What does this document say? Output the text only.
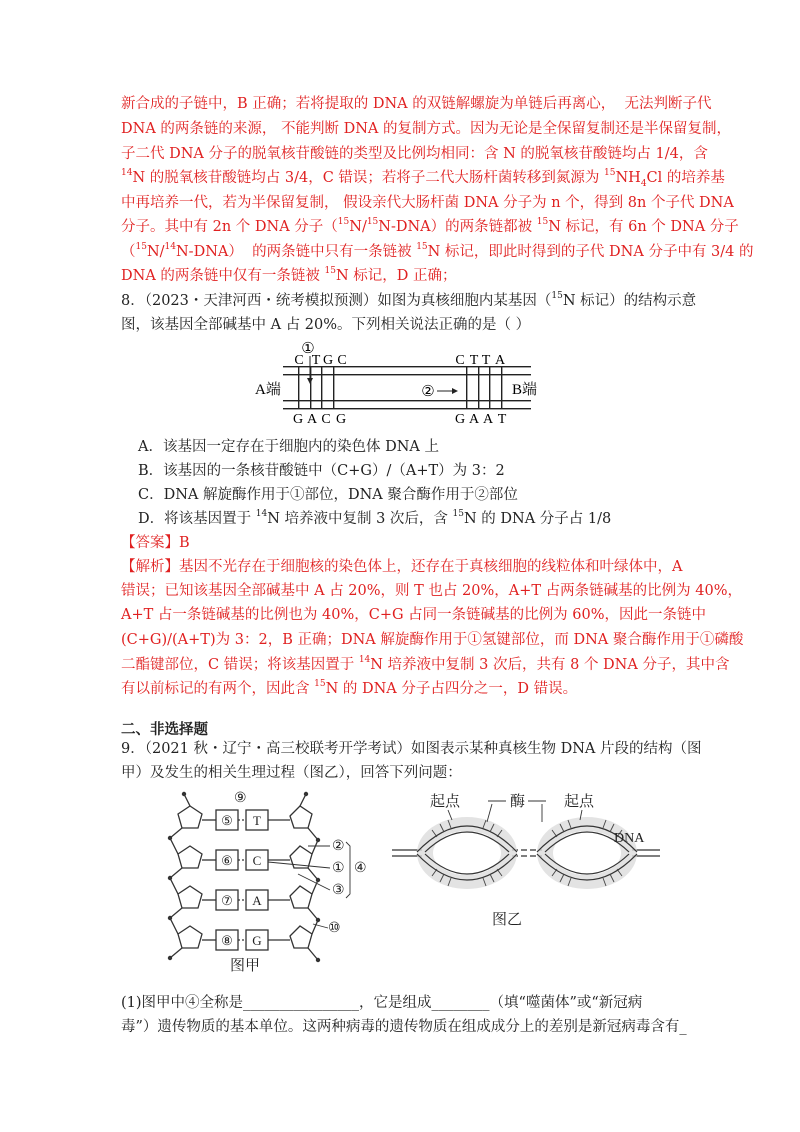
新合成的子链中，B 正确；若将提取的 DNA 的双链解螺旋为单链后再离心，  无法判断子代
DNA 的两条链的来源， 不能判断 DNA 的复制方式。因为无论是全保留复制还是半保留复制，
子二代 DNA 分子的脱氧核苷酸链的类型及比例均相同：含 N 的脱氧核苷酸链均占 1/4，含
$^{14}$N 的脱氧核苷酸链均占 3/4，C 错误；若将子二代大肠杆菌转移到氮源为 $^{15}NH_4Cl$ 的培养基
中再培养一代，若为半保留复制， 假设亲代大肠杆菌 DNA 分子为 n 个，得到 8n 个子代 DNA
分子。其中有 2n 个 DNA 分子（$^{15}$N/$^{15}$N-DNA）的两条链都被 $^{15}$N 标记，有 6n 个 DNA 分子
（$^{15}$N/$^{14}$N-DNA）  的两条链中只有一条链被 $^{15}$N 标记，即此时得到的子代 DNA 分子中有 3/4 的
DNA 的两条链中仅有一条链被 $^{15}$N 标记，D 正确；
8．（2023・天津河西・统考模拟预测）如图为真核细胞内某基因（$^{15}$N 标记）的结构示意
图，该基因全部碱基中 A 占 20%。下列相关说法正确的是（ ）
①
②
A端	B端
C T G C
G A C G
C T T A
G A A T
A．该基因一定存在于细胞内的染色体 DNA 上
B．该基因的一条核苷酸链中（C+G）/（A+T）为 3：2
C．DNA 解旋酶作用于①部位，DNA 聚合酶作用于②部位
D．将该基因置于 $^{14}$N 培养液中复制 3 次后，含 $^{15}$N 的 DNA 分子占 1/8
【答案】B
【解析】基因不光存在于细胞核的染色体上，还存在于真核细胞的线粒体和叶绿体中，A
错误；已知该基因全部碱基中 A 占 20%，则 T 也占 20%，A+T 占两条链碱基的比例为 40%，
A+T 占一条链碱基的比例也为 40%，C+G 占同一条链碱基的比例为 60%，因此一条链中
(C+G)/(A+T)为 3：2，B 正确；DNA 解旋酶作用于①氢键部位，而 DNA 聚合酶作用于①磷酸
二酯键部位，C 错误；将该基因置于 $^{14}$N 培养液中复制 3 次后，共有 8 个 DNA 分子，其中含
有以前标记的有两个，因此含 $^{15}$N 的 DNA 分子占四分之一，D 错误。
二、非选择题
9．（2021 秋・辽宁・高三校联考开学考试）如图表示某种真核生物 DNA 片段的结构（图
甲）及发生的相关生理过程（图乙），回答下列问题：
⑤
⑥
⑦
⑧
T
C
A
G
⑨
②
①
③
④
⑩
图甲
起点	起点
酶
DNA
图乙
(1)图甲中④全称是________________，它是组成________（填“噬菌体”或“新冠病
毒”）遗传物质的基本单位。这两种病毒的遗传物质在组成成分上的差别是新冠病毒含有_
